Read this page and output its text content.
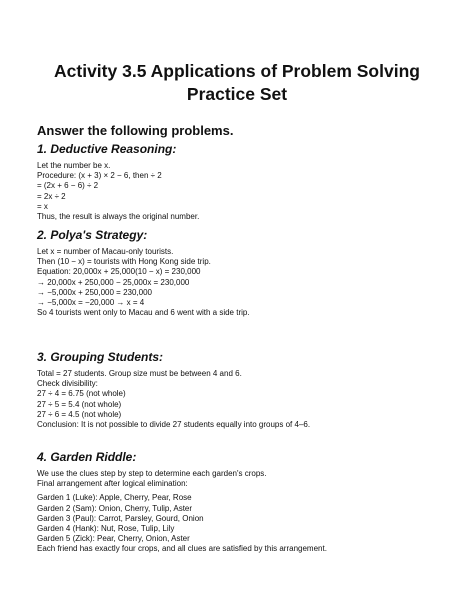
Activity 3.5 Applications of Problem Solving Practice Set

Answer the following problems.

1. Deductive Reasoning:
Let the number be x.
Procedure: (x + 3) × 2 − 6, then ÷ 2
= (2x + 6 − 6) ÷ 2
= 2x ÷ 2
= x
Thus, the result is always the original number.
2. Polya's Strategy:
Let x = number of Macau-only tourists.
Then (10 − x) = tourists with Hong Kong side trip.
Equation: 20,000x + 25,000(10 − x) = 230,000
→ 20,000x + 250,000 − 25,000x = 230,000
→ −5,000x + 250,000 = 230,000
→ −5,000x = −20,000 → x = 4
So 4 tourists went only to Macau and 6 went with a side trip.
3. Grouping Students:
Total = 27 students. Group size must be between 4 and 6.
Check divisibility:
27 ÷ 4 = 6.75 (not whole)
27 ÷ 5 = 5.4 (not whole)
27 ÷ 6 = 4.5 (not whole)
Conclusion: It is not possible to divide 27 students equally into groups of 4–6.
4. Garden Riddle:
We use the clues step by step to determine each garden's crops.
Final arrangement after logical elimination:
Garden 1 (Luke): Apple, Cherry, Pear, Rose
Garden 2 (Sam): Onion, Cherry, Tulip, Aster
Garden 3 (Paul): Carrot, Parsley, Gourd, Onion
Garden 4 (Hank): Nut, Rose, Tulip, Lily
Garden 5 (Zick): Pear, Cherry, Onion, Aster
Each friend has exactly four crops, and all clues are satisfied by this arrangement.
